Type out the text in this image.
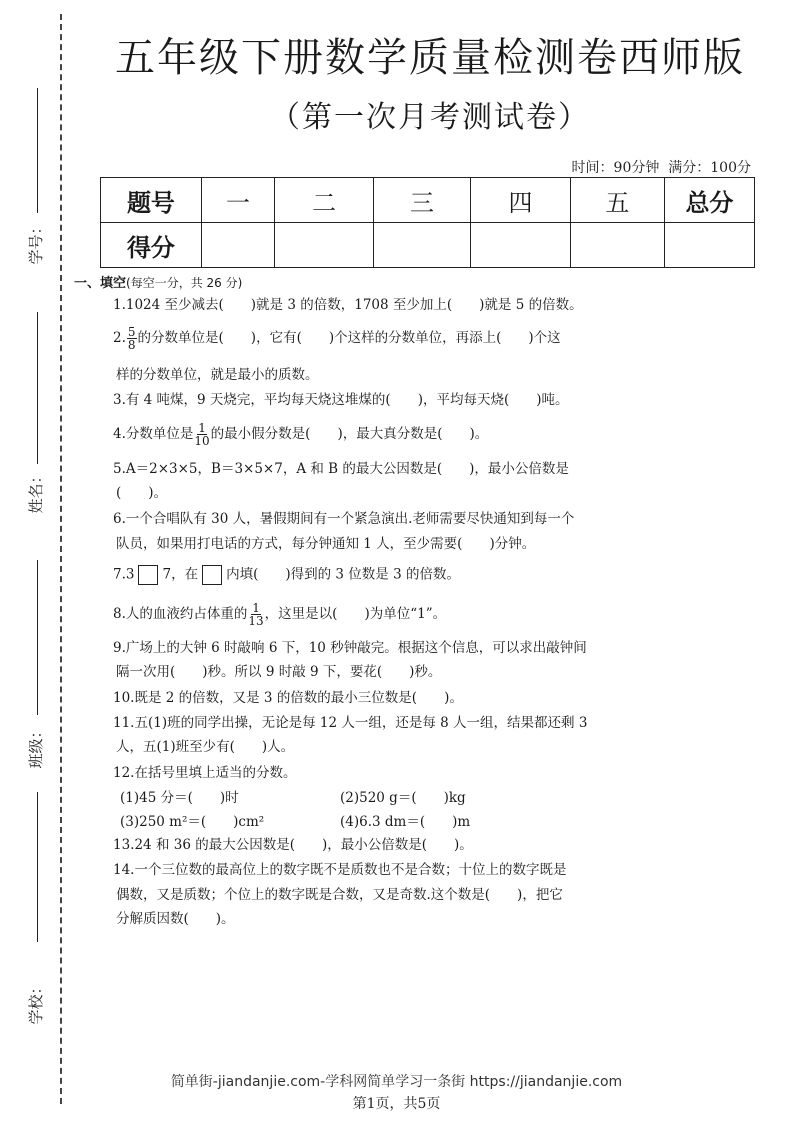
学号：
姓名：
班级：
学校：
五年级下册数学质量检测卷西师版
（第一次月考测试卷）
时间：90分钟 满分：100分
题号	一	二	三	四	五	总分
得分						
一、填空(每空一分，共 26 分)
1.1024 至少减去(　　)就是 3 的倍数，1708 至少加上(　　)就是 5 的倍数。
2. $\frac{5}{8}$ 的分数单位是(　　)，它有(　　)个这样的分数单位，再添上(　　)个这
样的分数单位，就是最小的质数。
3.有 4 吨煤，9 天烧完，平均每天烧这堆煤的(　　)，平均每天烧(　　)吨。
4.分数单位是 $\frac{1}{10}$ 的最小假分数是(　　)，最大真分数是(　　)。
5.A＝2×3×5，B＝3×5×7，A 和 B 的最大公因数是(　　)，最小公倍数是
(　　)。
6.一个合唱队有 30 人，暑假期间有一个紧急演出.老师需要尽快通知到每一个
队员，如果用打电话的方式，每分钟通知 1 人，至少需要(　　)分钟。
7.3 7，在 内填(　　)得到的 3 位数是 3 的倍数。
8.人的血液约占体重的 $\frac{1}{13}$ ，这里是以(　　)为单位“1”。
9.广场上的大钟 6 时敲响 6 下，10 秒钟敲完。根据这个信息，可以求出敲钟间
隔一次用(　　)秒。所以 9 时敲 9 下，要花(　　)秒。
10.既是 2 的倍数，又是 3 的倍数的最小三位数是(　　)。
11.五(1)班的同学出操，无论是每 12 人一组，还是每 8 人一组，结果都还剩 3
人，五(1)班至少有(　　)人。
12.在括号里填上适当的分数。
(1)45 分＝(　　)时	(2)520 g＝(　　)kg
(3)250 m²＝(　　)cm²	(4)6.3 dm＝(　　)m
13.24 和 36 的最大公因数是(　　)，最小公倍数是(　　)。
14.一个三位数的最高位上的数字既不是质数也不是合数；十位上的数字既是
偶数，又是质数；个位上的数字既是合数，又是奇数.这个数是(　　)，把它
分解质因数(　　)。
简单街-jiandanjie.com-学科网简单学习一条街 https://jiandanjie.com
第1页，共5页
